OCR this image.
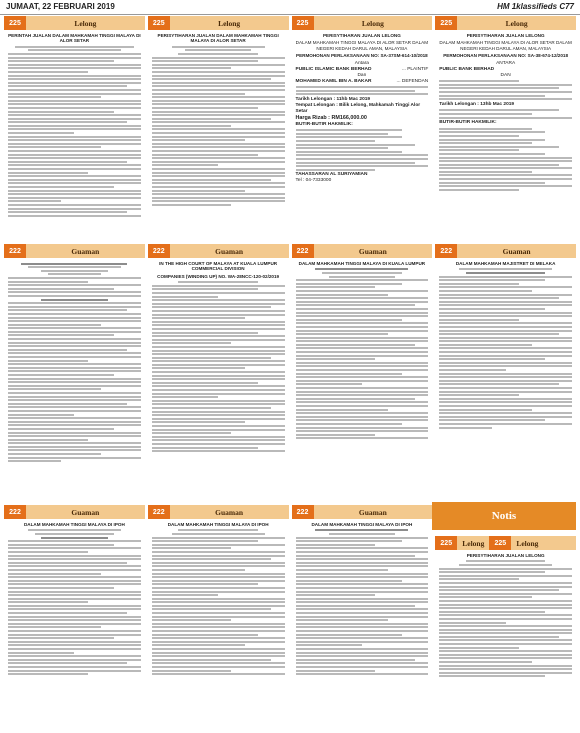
JUMAAT, 22 FEBRUARI 2019	HM 1klassifieds C77
225	Lelong
PERINTAH JUALAN DALAM MAHKAMAH TINGGI MALAYA DI ALOR SETAR
225	Lelong
PERISYTIHARAN JUALAN DALAM MAHKAMAH TINGGI MALAYA DI ALOR SETAR
225	Lelong
PERISYTIHARAN JUALAN LELONG
DALAM MAHKAMAH TINGGI MALAYA DI ALOR SETAR DALAM NEGERI KEDAH DARUL AMAN, MALAYSIA
PERMOHONAN PERLAKSANAAN NO: SA-37SM-614-10/2018
Antara
PUBLIC ISLAMIC BANK BERHAD	... PLAINTIF
Dan
MOHAMED KAMIL BIN A. BAKAR	... DEFENDAN
Tarikh Lelongan : 11hb Mac 2019
Tempat Lelongan : Bilik Lelong, Mahkamah Tinggi Alor Setar
Harga Rizab : RM166,000.00
BUTIR-BUTIR HAKMILIK:
TAHASSARAN AL SURIYAMIAN
Tel : 04-7333000
225	Lelong
PERISYTIHARAN JUALAN LELONG
DALAM MAHKAMAH TINGGI MALAYA DI ALOR SETAR DALAM NEGERI KEDAH DARUL AMAN, MALAYSIA
PERMOHONAN PERLAKSANAAN NO: SA-38-674-12/2018
ANTARA
PUBLIC BANK BERHAD
DAN
Tarikh Lelongan : 13hb Mac 2019
BUTIR-BUTIR HAKMILIK:
222	Guaman	222	Guaman
IN THE HIGH COURT OF MALAYA AT KUALA LUMPUR COMMERCIAL DIVISION
COMPANIES (WINDING UP) NO. WA-28NCC-120-02/2019
222	Guaman
DALAM MAHKAMAH TINGGI MALAYA DI KUALA LUMPUR
222	Guaman
DALAM MAHKAMAH MAJISTRET DI MELAKA
Notis
222	Guaman
DALAM MAHKAMAH TINGGI MALAYA DI IPOH
222	Guaman
DALAM MAHKAMAH TINGGI MALAYA DI IPOH
222	Guaman
DALAM MAHKAMAH TINGGI MALAYA DI IPOH
225	Lelong	225	Lelong
PERISYTIHARAN JUALAN LELONG
